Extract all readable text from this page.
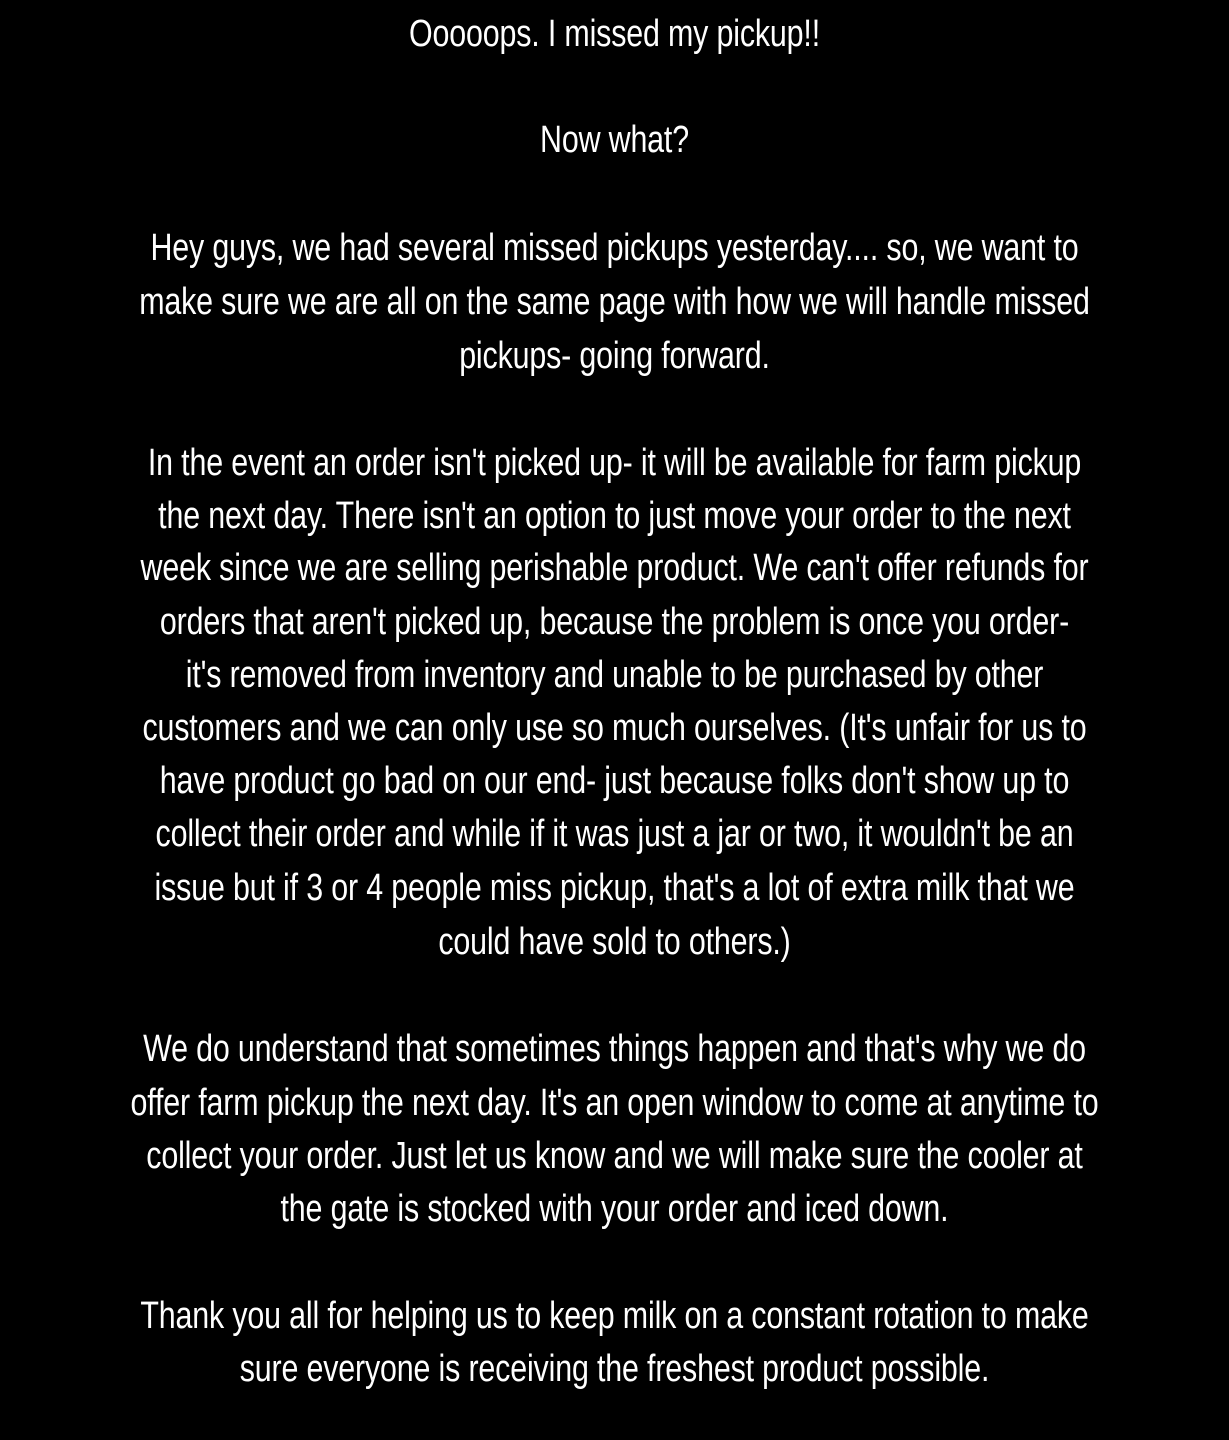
Ooooops. I missed my pickup!!
Now what?
Hey guys, we had several missed pickups yesterday.... so, we want to
make sure we are all on the same page with how we will handle missed
pickups- going forward.
In the event an order isn't picked up- it will be available for farm pickup
the next day. There isn't an option to just move your order to the next
week since we are selling perishable product. We can't offer refunds for
orders that aren't picked up, because the problem is once you order-
it's removed from inventory and unable to be purchased by other
customers and we can only use so much ourselves. (It's unfair for us to
have product go bad on our end- just because folks don't show up to
collect their order and while if it was just a jar or two, it wouldn't be an
issue but if 3 or 4 people miss pickup, that's a lot of extra milk that we
could have sold to others.)
We do understand that sometimes things happen and that's why we do
offer farm pickup the next day. It's an open window to come at anytime to
collect your order. Just let us know and we will make sure the cooler at
the gate is stocked with your order and iced down.
Thank you all for helping us to keep milk on a constant rotation to make
sure everyone is receiving the freshest product possible.
